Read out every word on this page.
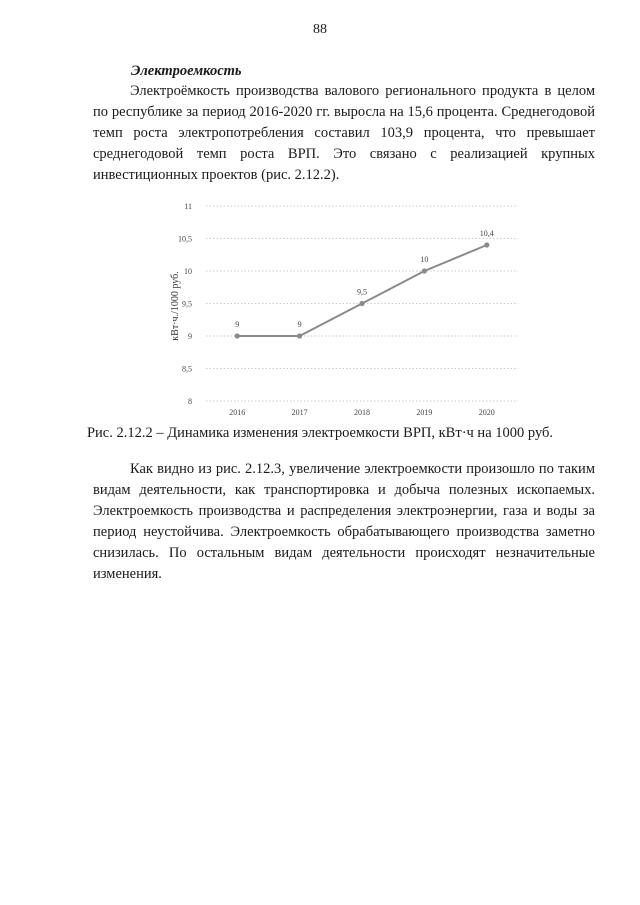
88
Электроемкость

Электроёмкость производства валового регионального продукта в целом по республике за период 2016-2020 гг. выросла на 15,6 процента. Среднегодовой темп роста электропотребления составил 103,9 процента, что превышает среднегодовой темп роста ВРП. Это связано с реализацией крупных инвестиционных проектов (рис. 2.12.2).

8
8,5
9
9,5
10
10,5
11
2016	2017	2018	2019	2020
9	9
9,5
10
10,4
кВт·ч./1000 руб.
Рис. 2.12.2 – Динамика изменения электроемкости ВРП, кВт·ч на 1000 руб.

Как видно из рис. 2.12.3, увеличение электроемкости произошло по таким видам деятельности, как транспортировка и добыча полезных ископаемых. Электроемкость производства и распределения электроэнергии, газа и воды за период неустойчива. Электроемкость обрабатывающего производства заметно снизилась. По остальным видам деятельности происходят незначительные изменения.
